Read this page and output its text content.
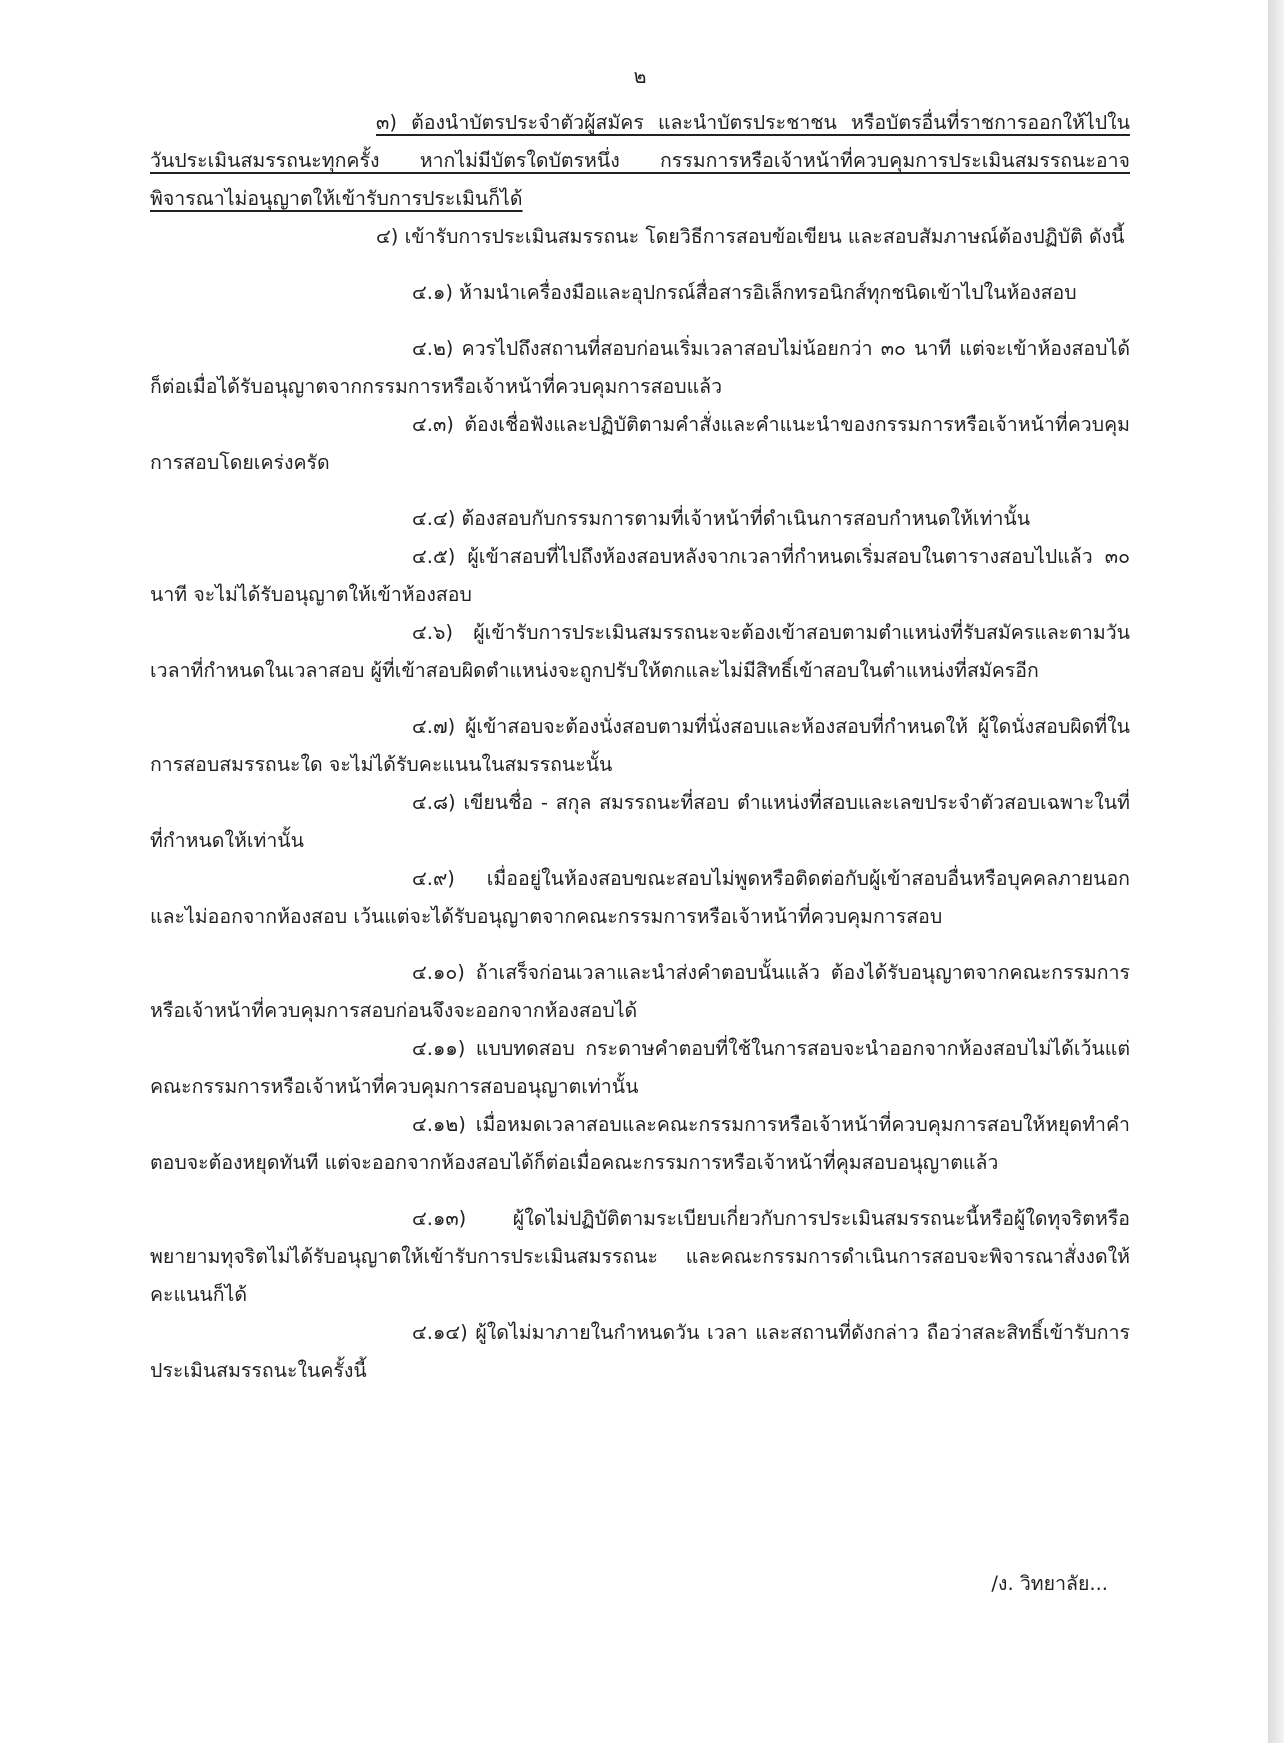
๒
๓) ต้องนำบัตรประจำตัวผู้สมัคร และนำบัตรประชาชน หรือบัตรอื่นที่ราชการออกให้ไปในวันประเมินสมรรถนะทุกครั้ง หากไม่มีบัตรใดบัตรหนึ่ง กรรมการหรือเจ้าหน้าที่ควบคุมการประเมินสมรรถนะอาจพิจารณาไม่อนุญาตให้เข้ารับการประเมินก็ได้
๔) เข้ารับการประเมินสมรรถนะ โดยวิธีการสอบข้อเขียน และสอบสัมภาษณ์ต้องปฏิบัติ ดังนี้
๔.๑) ห้ามนำเครื่องมือและอุปกรณ์สื่อสารอิเล็กทรอนิกส์ทุกชนิดเข้าไปในห้องสอบ
๔.๒) ควรไปถึงสถานที่สอบก่อนเริ่มเวลาสอบไม่น้อยกว่า ๓๐ นาที แต่จะเข้าห้องสอบได้ก็ต่อเมื่อได้รับอนุญาตจากกรรมการหรือเจ้าหน้าที่ควบคุมการสอบแล้ว
๔.๓) ต้องเชื่อฟังและปฏิบัติตามคำสั่งและคำแนะนำของกรรมการหรือเจ้าหน้าที่ควบคุมการสอบโดยเคร่งครัด
๔.๔) ต้องสอบกับกรรมการตามที่เจ้าหน้าที่ดำเนินการสอบกำหนดให้เท่านั้น
๔.๕) ผู้เข้าสอบที่ไปถึงห้องสอบหลังจากเวลาที่กำหนดเริ่มสอบในตารางสอบไปแล้ว ๓๐ นาที จะไม่ได้รับอนุญาตให้เข้าห้องสอบ
๔.๖) ผู้เข้ารับการประเมินสมรรถนะจะต้องเข้าสอบตามตำแหน่งที่รับสมัครและตามวัน เวลาที่กำหนดในเวลาสอบ ผู้ที่เข้าสอบผิดตำแหน่งจะถูกปรับให้ตกและไม่มีสิทธิ์เข้าสอบในตำแหน่งที่สมัครอีก
๔.๗) ผู้เข้าสอบจะต้องนั่งสอบตามที่นั่งสอบและห้องสอบที่กำหนดให้ ผู้ใดนั่งสอบผิดที่ในการสอบสมรรถนะใด จะไม่ได้รับคะแนนในสมรรถนะนั้น
๔.๘) เขียนชื่อ - สกุล สมรรถนะที่สอบ ตำแหน่งที่สอบและเลขประจำตัวสอบเฉพาะในที่ที่กำหนดให้เท่านั้น
๔.๙) เมื่ออยู่ในห้องสอบขณะสอบไม่พูดหรือติดต่อกับผู้เข้าสอบอื่นหรือบุคคลภายนอก และไม่ออกจากห้องสอบ เว้นแต่จะได้รับอนุญาตจากคณะกรรมการหรือเจ้าหน้าที่ควบคุมการสอบ
๔.๑๐) ถ้าเสร็จก่อนเวลาและนำส่งคำตอบนั้นแล้ว ต้องได้รับอนุญาตจากคณะกรรมการหรือเจ้าหน้าที่ควบคุมการสอบก่อนจึงจะออกจากห้องสอบได้
๔.๑๑) แบบทดสอบ กระดาษคำตอบที่ใช้ในการสอบจะนำออกจากห้องสอบไม่ได้เว้นแต่คณะกรรมการหรือเจ้าหน้าที่ควบคุมการสอบอนุญาตเท่านั้น
๔.๑๒) เมื่อหมดเวลาสอบและคณะกรรมการหรือเจ้าหน้าที่ควบคุมการสอบให้หยุดทำคำตอบจะต้องหยุดทันที แต่จะออกจากห้องสอบได้ก็ต่อเมื่อคณะกรรมการหรือเจ้าหน้าที่คุมสอบอนุญาตแล้ว
๔.๑๓) ผู้ใดไม่ปฏิบัติตามระเบียบเกี่ยวกับการประเมินสมรรถนะนี้หรือผู้ใดทุจริตหรือพยายามทุจริตไม่ได้รับอนุญาตให้เข้ารับการประเมินสมรรถนะ และคณะกรรมการดำเนินการสอบจะพิจารณาสั่งงดให้คะแนนก็ได้
๔.๑๔) ผู้ใดไม่มาภายในกำหนดวัน เวลา และสถานที่ดังกล่าว ถือว่าสละสิทธิ์เข้ารับการประเมินสมรรถนะในครั้งนี้
/ง. วิทยาลัย...
